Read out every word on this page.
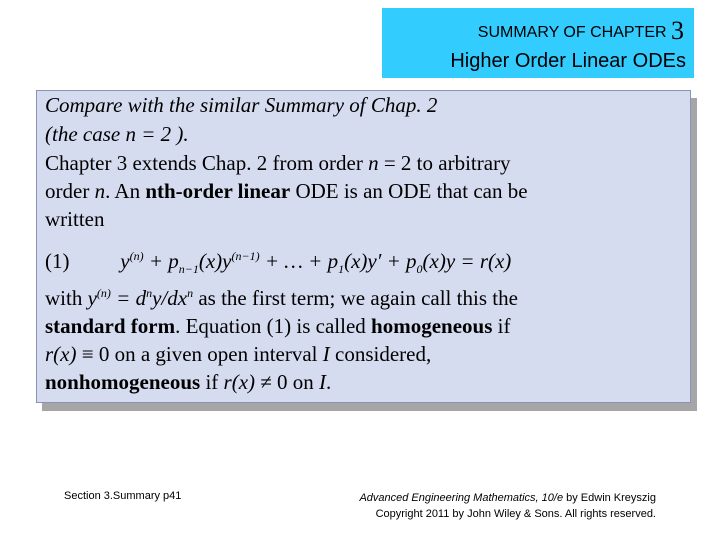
SUMMARY OF CHAPTER 3
Higher Order Linear ODEs
Compare with the similar Summary of Chap. 2
(the case n = 2 ).
Chapter 3 extends Chap. 2 from order n = 2 to arbitrary
order n. An nth-order linear ODE is an ODE that can be
written
(1) $y^{(n)} + p_{n-1}(x)y^{(n-1)}$ + … + $p_1(x)y' + p_0(x)y = r(x)$
with $y^{(n)} = d^ny/dx^n$ as the first term; we again call this the
standard form. Equation (1) is called homogeneous if
r(x) ≡ 0 on a given open interval I considered,
nonhomogeneous if r(x) ≠ 0 on I.
Section 3.Summary p41	Advanced Engineering Mathematics, 10/e by Edwin Kreyszig
Copyright 2011 by John Wiley & Sons. All rights reserved.
